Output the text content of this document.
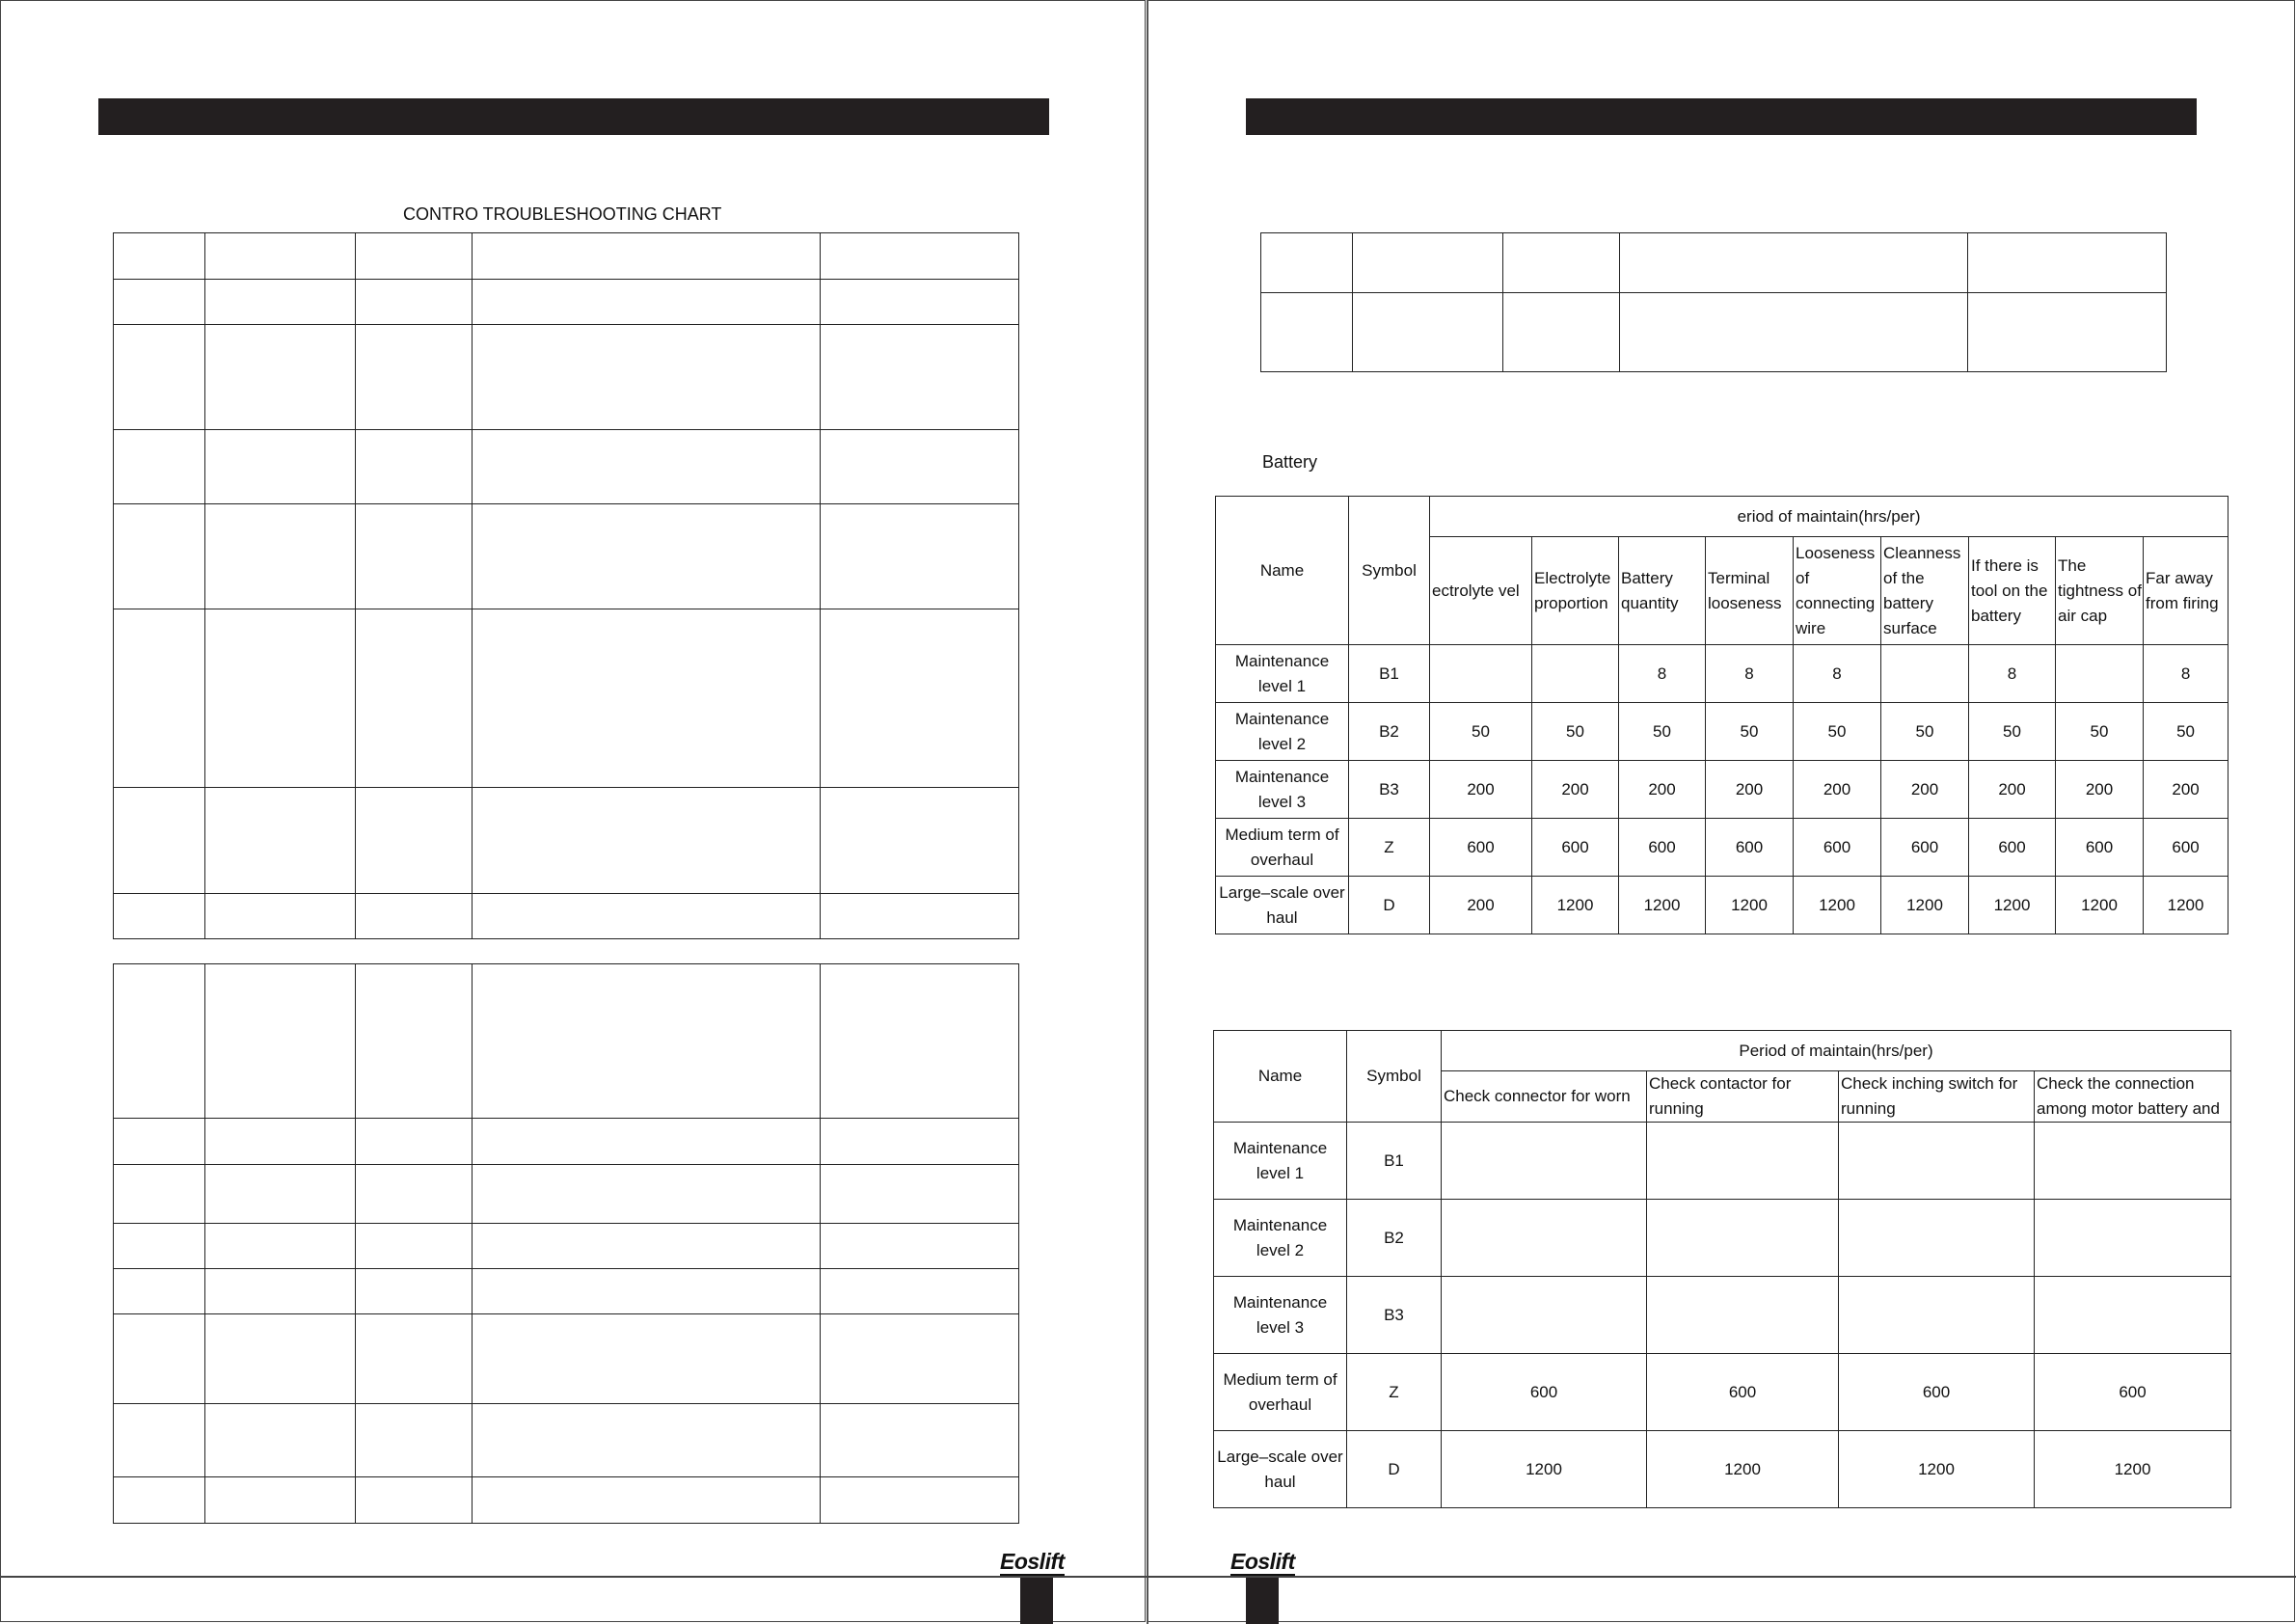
CONTRO TROUBLESHOOTING CHART

Battery
Name	Symbol	eriod of maintain(hrs/per)								
		ectrolyte vel	Electrolyte proportion	Battery quantity	Terminal looseness	Looseness of connecting wire	Cleanness of the battery surface	If there is tool on the battery	The tightness of air cap	Far away from firing
Maintenance level 1	B1			8	8	8		8		8
Maintenance level 2	B2	50	50	50	50	50	50	50	50	50
Maintenance level 3	B3	200	200	200	200	200	200	200	200	200
Medium term of overhaul	Z	600	600	600	600	600	600	600	600	600
Large–scale over haul	D	200	1200	1200	1200	1200	1200	1200	1200	1200
Name	Symbol	Period of maintain(hrs/per)			
		Check connector for worn	Check contactor for running	Check inching switch for running	Check the connection among motor battery and
Maintenance level 1	B1				
Maintenance level 2	B2				
Maintenance level 3	B3				
Medium term of overhaul	Z	600	600	600	600
Large–scale over haul	D	1200	1200	1200	1200
Eoslift	Eoslift
